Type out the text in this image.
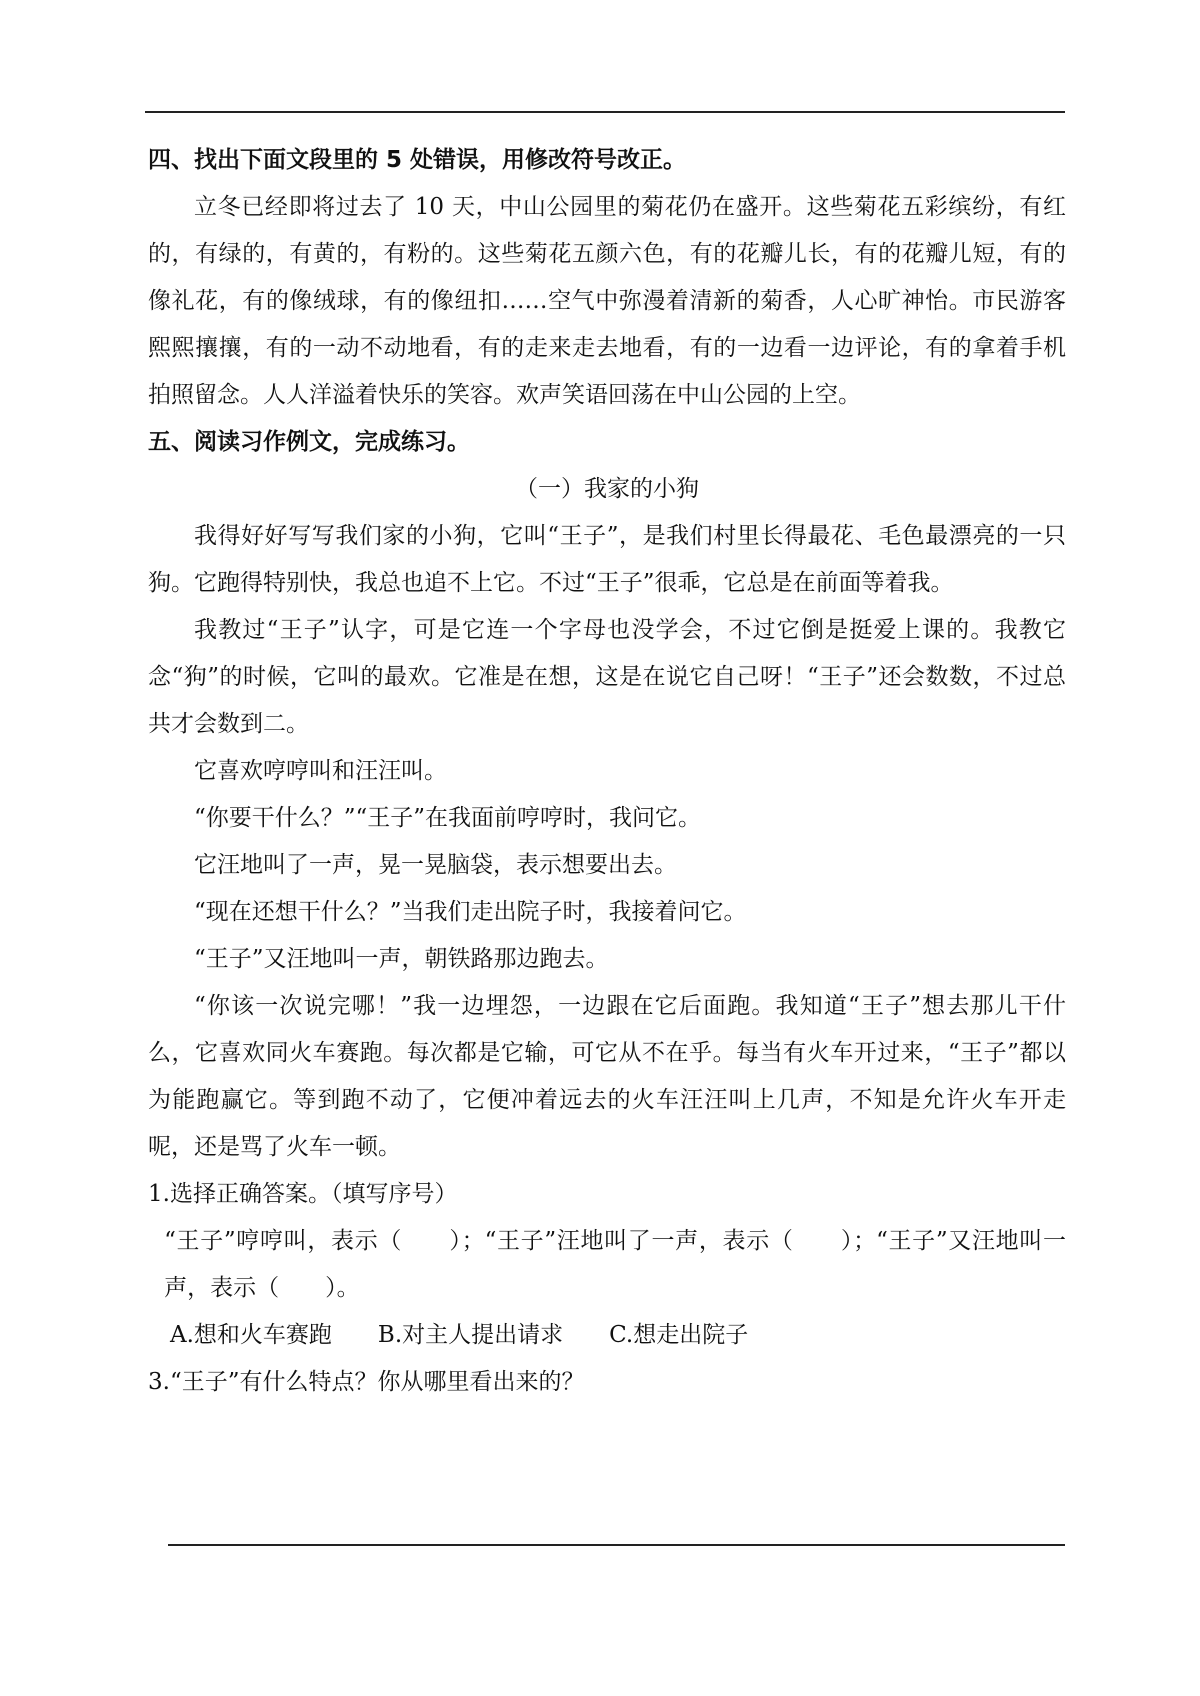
四、找出下面文段里的 5 处错误，用修改符号改正。

立冬已经即将过去了 10 天，中山公园里的菊花仍在盛开。这些菊花五彩缤纷，有红的，有绿的，有黄的，有粉的。这些菊花五颜六色，有的花瓣儿长，有的花瓣儿短，有的像礼花，有的像绒球，有的像纽扣……空气中弥漫着清新的菊香，人心旷神怡。市民游客熙熙攘攘，有的一动不动地看，有的走来走去地看，有的一边看一边评论，有的拿着手机拍照留念。人人洋溢着快乐的笑容。欢声笑语回荡在中山公园的上空。

五、阅读习作例文，完成练习。

（一）我家的小狗

我得好好写写我们家的小狗，它叫“王子”，是我们村里长得最花、毛色最漂亮的一只狗。它跑得特别快，我总也追不上它。不过“王子”很乖，它总是在前面等着我。

我教过“王子”认字，可是它连一个字母也没学会，不过它倒是挺爱上课的。我教它念“狗”的时候，它叫的最欢。它准是在想，这是在说它自己呀！“王子”还会数数，不过总共才会数到二。

它喜欢哼哼叫和汪汪叫。

“你要干什么？”“王子”在我面前哼哼时，我问它。

它汪地叫了一声，晃一晃脑袋，表示想要出去。

“现在还想干什么？”当我们走出院子时，我接着问它。

“王子”又汪地叫一声，朝铁路那边跑去。

“你该一次说完哪！”我一边埋怨，一边跟在它后面跑。我知道“王子”想去那儿干什么，它喜欢同火车赛跑。每次都是它输，可它从不在乎。每当有火车开过来，“王子”都以为能跑赢它。等到跑不动了，它便冲着远去的火车汪汪叫上几声，不知是允许火车开走呢，还是骂了火车一顿。

1.选择正确答案。（填写序号）

“王子”哼哼叫，表示（　　）；“王子”汪地叫了一声，表示（　　）；“王子”又汪地叫一声，表示（　　）。

A.想和火车赛跑 B.对主人提出请求 C.想走出院子

3.“王子”有什么特点？你从哪里看出来的？
